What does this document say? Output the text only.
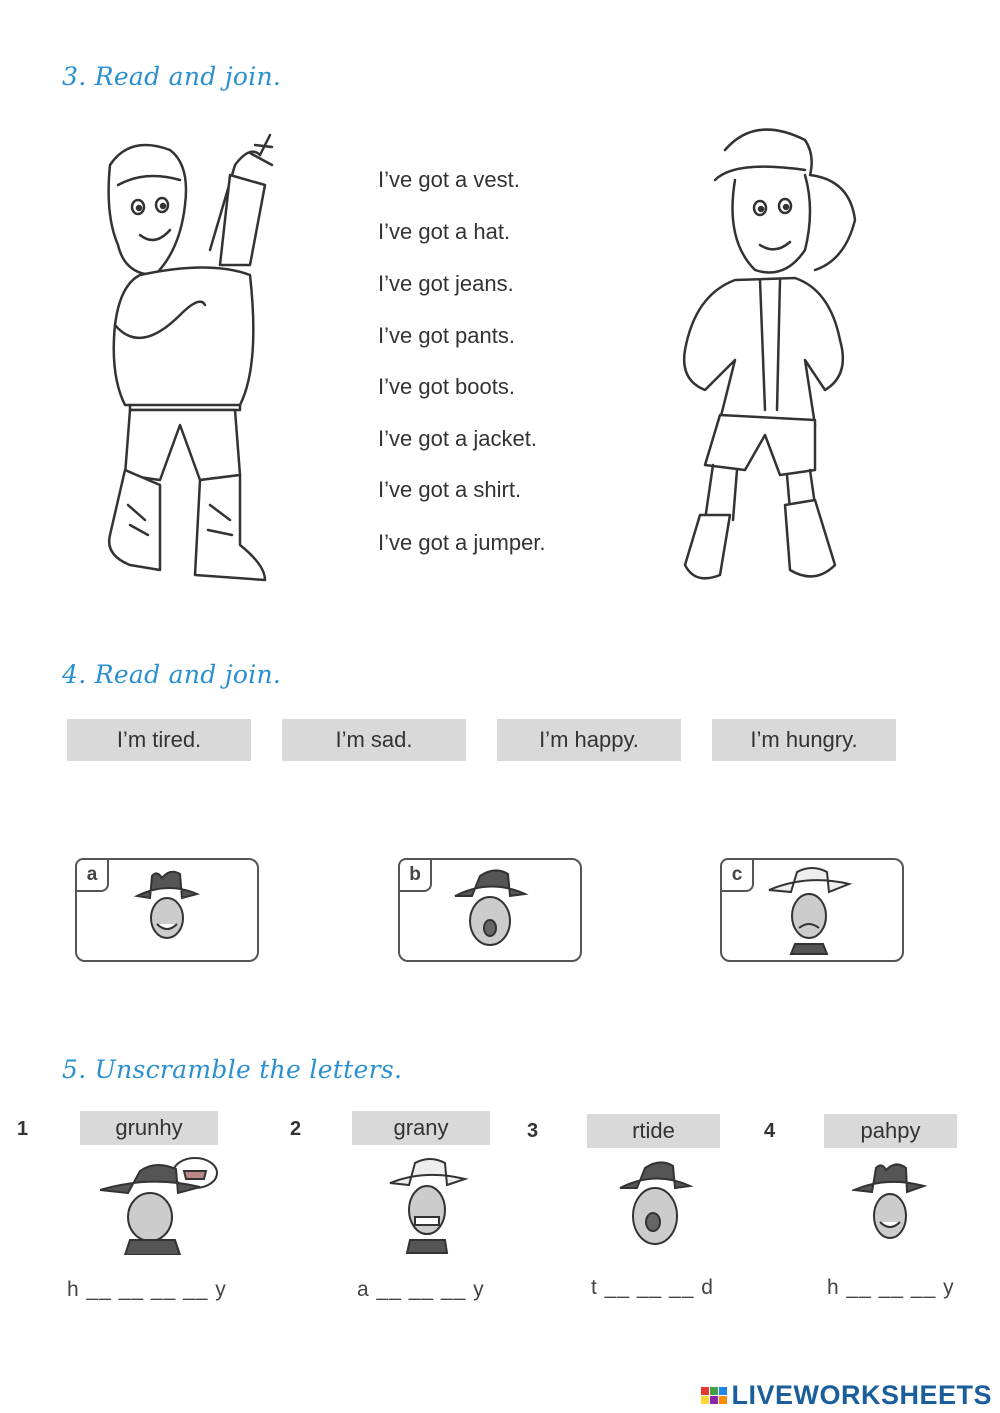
3. Read and join.
I’ve got a vest.
I’ve got a hat.
I’ve got jeans.
I’ve got pants.
I’ve got boots.
I’ve got a jacket.
I’ve got a shirt.
I’ve got a jumper.
4. Read and join.
I’m tired.	I’m sad.	I’m happy.	I’m hungry.
a	b	c
5. Unscramble the letters.
1	grunhy
h __ __ __ __ y
2	grany
a __ __ __ y
3	rtide
t __ __ __ d
4	pahpy
h __ __ __ y
LIVEWORKSHEETS
